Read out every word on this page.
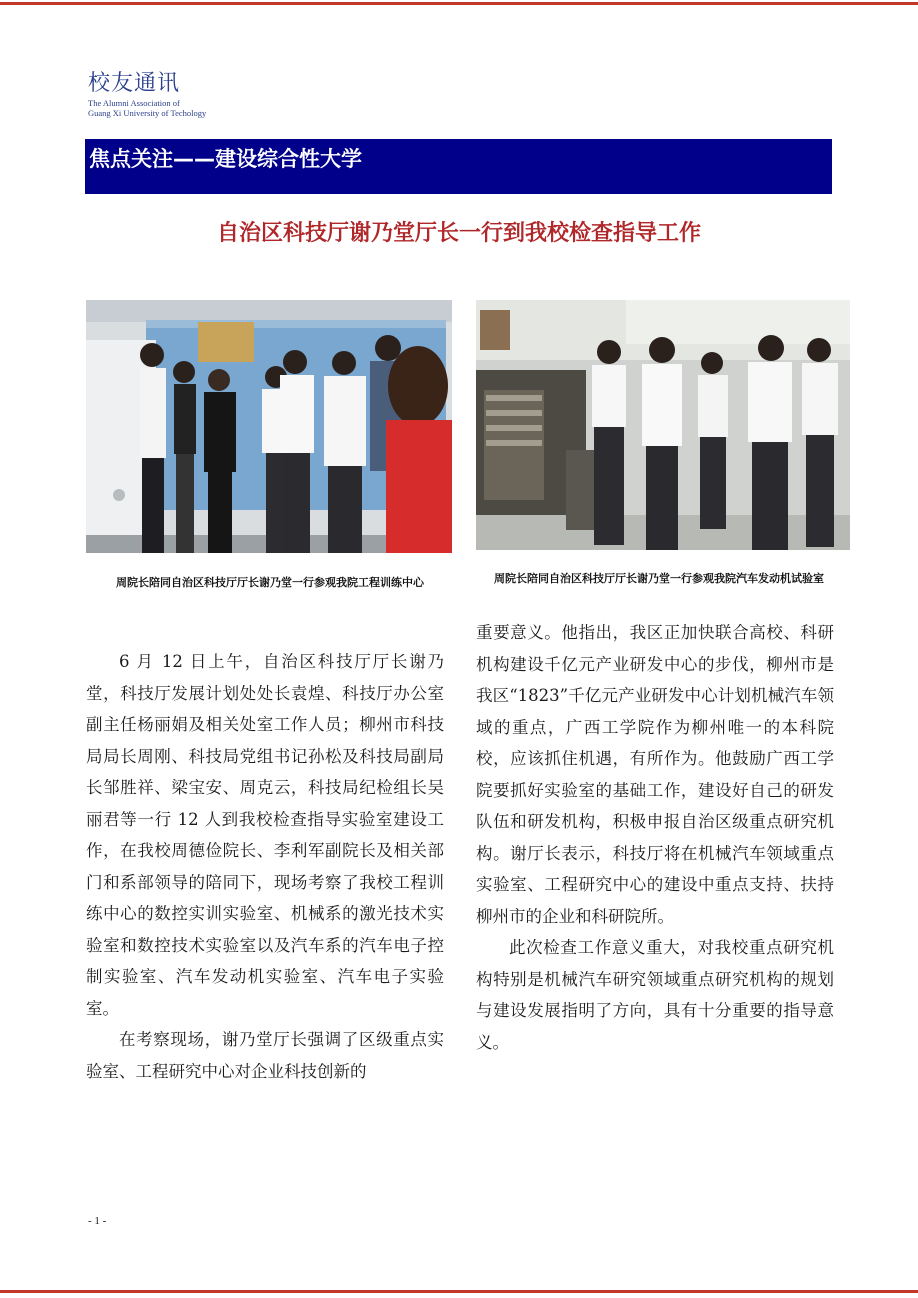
校友通讯
The Alumni Association of
Guang Xi University of Techology
焦点关注——建设综合性大学
自治区科技厅谢乃堂厅长一行到我校检查指导工作
周院长陪同自治区科技厅厅长谢乃堂一行参观我院工程训练中心	周院长陪同自治区科技厅厅长谢乃堂一行参观我院汽车发动机试验室

6 月 12 日上午，自治区科技厅厅长谢乃堂，科技厅发展计划处处长袁煌、科技厅办公室副主任杨丽娟及相关处室工作人员；柳州市科技局局长周刚、科技局党组书记孙松及科技局副局长邹胜祥、梁宝安、周克云，科技局纪检组长吴丽君等一行 12 人到我校检查指导实验室建设工作，在我校周德俭院长、李利军副院长及相关部门和系部领导的陪同下，现场考察了我校工程训练中心的数控实训实验室、机械系的激光技术实验室和数控技术实验室以及汽车系的汽车电子控制实验室、汽车发动机实验室、汽车电子实验室。

在考察现场，谢乃堂厅长强调了区级重点实验室、工程研究中心对企业科技创新的

重要意义。他指出，我区正加快联合高校、科研机构建设千亿元产业研发中心的步伐，柳州市是我区“1823”千亿元产业研发中心计划机械汽车领域的重点，广西工学院作为柳州唯一的本科院校，应该抓住机遇，有所作为。他鼓励广西工学院要抓好实验室的基础工作，建设好自己的研发队伍和研发机构，积极申报自治区级重点研究机构。谢厅长表示，科技厅将在机械汽车领域重点实验室、工程研究中心的建设中重点支持、扶持柳州市的企业和科研院所。

此次检查工作意义重大，对我校重点研究机构特别是机械汽车研究领域重点研究机构的规划与建设发展指明了方向，具有十分重要的指导意义。

- 1 -
